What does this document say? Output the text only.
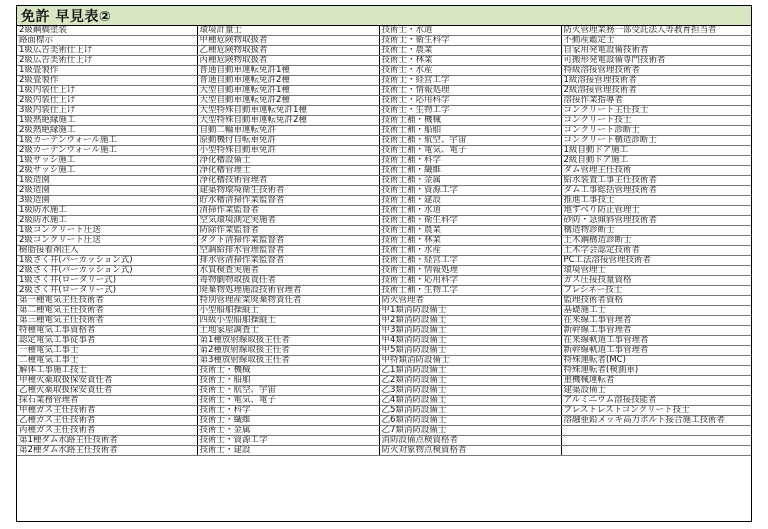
免許 早見表②
2級鋼橋塗装	環境計量士	技術士・水道	防火管理業務一部受託法人等教育担当者
路面標示	甲種危険物取扱者	技術士・衛生科学	不動産鑑定士
1級広告美術仕上げ	乙種危険物取扱者	技術士・農業	自家用発電設備技術者
2級広告美術仕上げ	丙種危険物取扱者	技術士・林業	可搬形発電設備専門技術者
1級畳製作	普通自動車運転免許1種	技術士・水産	特級溶接管理技術者
2級畳製作	普通自動車運転免許2種	技術士・経営工学	1級溶接管理技術者
1級内装仕上げ	大型自動車運転免許1種	技術士・情報処理	2級溶接管理技術者
2級内装仕上げ	大型自動車運転免許2種	技術士・応用科学	溶接作業指導者
3級内装仕上げ	大型特殊自動車運転免許1種	技術士・生物工学	コンクリート主任技士
1級熱絶縁施工	大型特殊自動車運転免許2種	技術士補・機械	コンクリート技士
2級熱絶縁施工	自動二輪車運転免許	技術士補・船舶	コンクリート診断士
1級カーテンウォール施工	原動機付自転車免許	技術士補・航空、宇宙	コンクリート構造診断士
2級カーテンウォール施工	小型特殊自動車免許	技術士補・電気、電子	1級自動ドア施工
1級サッシ施工	浄化槽設備士	技術士補・科学	2級自動ドア施工
2級サッシ施工	浄化槽管理士	技術士補・繊維	ダム管理主任技術
1級造園	浄化槽技術管理者	技術士補・金属	給水装置工事主任技術者
2級造園	建築物環境衛生技術者	技術士補・資源工学	ダム工事総括管理技術者
3級造園	貯水槽清掃作業監督者	技術士補・建設	推進工事技士
1級防水施工	清掃作業監督者	技術士補・水道	地すべり防止管理士
2級防水施工	空気環境測定実施者	技術士補・衛生科学	砂防・急傾斜管理技術者
1級コンクリート圧送	防除作業監督者	技術士補・農業	構造物診断士
2級コンクリート圧送	ダクト清掃作業監督者	技術士補・林業	土木鋼構造診断士
樹脂接着剤注入	空調給排水管理監督者	技術士補・水産	土木学会認定技術者
1級さく井(パーカッション式)	排水管清掃作業監督者	技術士補・経営工学	PC工法溶接管理技術者
2級さく井(パーカッション式)	水質検査実施者	技術士補・情報処理	環境管理士
1級さく井(ロータリー式)	毒物劇物取扱責任者	技術士補・応用科学	ガス圧接技量資格
2級さく井(ロータリー式)	廃棄物処理施設技術管理者	技術士補・生物工学	フレシネー技士
第一種電気主任技術者	特別管理産業廃棄物責任者	防火管理者	監理技術者資格
第二種電気主任技術者	小型船舶操縦士	甲1類消防設備士	基礎施工士
第三種電気主任技術者	四級小型船舶操縦士	甲2類消防設備士	在来線工事管理者
特種電気工事資格者	土地家屋調査士	甲3類消防設備士	新幹線工事管理者
認定電気工事従事者	第1種放射線取扱主任者	甲4類消防設備士	在来線軌道工事管理者
一種電気工事士	第2種放射線取扱主任者	甲5類消防設備士	新幹線軌道工事管理者
二種電気工事士	第3種放射線取扱主任者	甲特類消防設備士	特殊運転者(MC)
解体工事施工技士	技術士・機械	乙1類消防設備士	特殊運転者(検測車)
甲種火薬取扱保安責任者	技術士・船舶	乙2類消防設備士	重機械運転者
乙種火薬取扱保安責任者	技術士・航空、宇宙	乙3類消防設備士	建築設備士
採石業務管理者	技術士・電気、電子	乙4類消防設備士	アルミニウム溶接技能者
甲種ガス主任技術者	技術士・科学	乙5類消防設備士	プレストレストコンクリート技士
乙種ガス主任技術者	技術士・繊維	乙6類消防設備士	溶融亜鉛メッキ高力ボルト接合施工技術者
丙種ガス主任技術者	技術士・金属	乙7類消防設備士	
第1種ダム水路主任技術者	技術士・資源工学	消防設備点検資格者	
第2種ダム水路主任技術者	技術士・建設	防火対象物点検資格者	
